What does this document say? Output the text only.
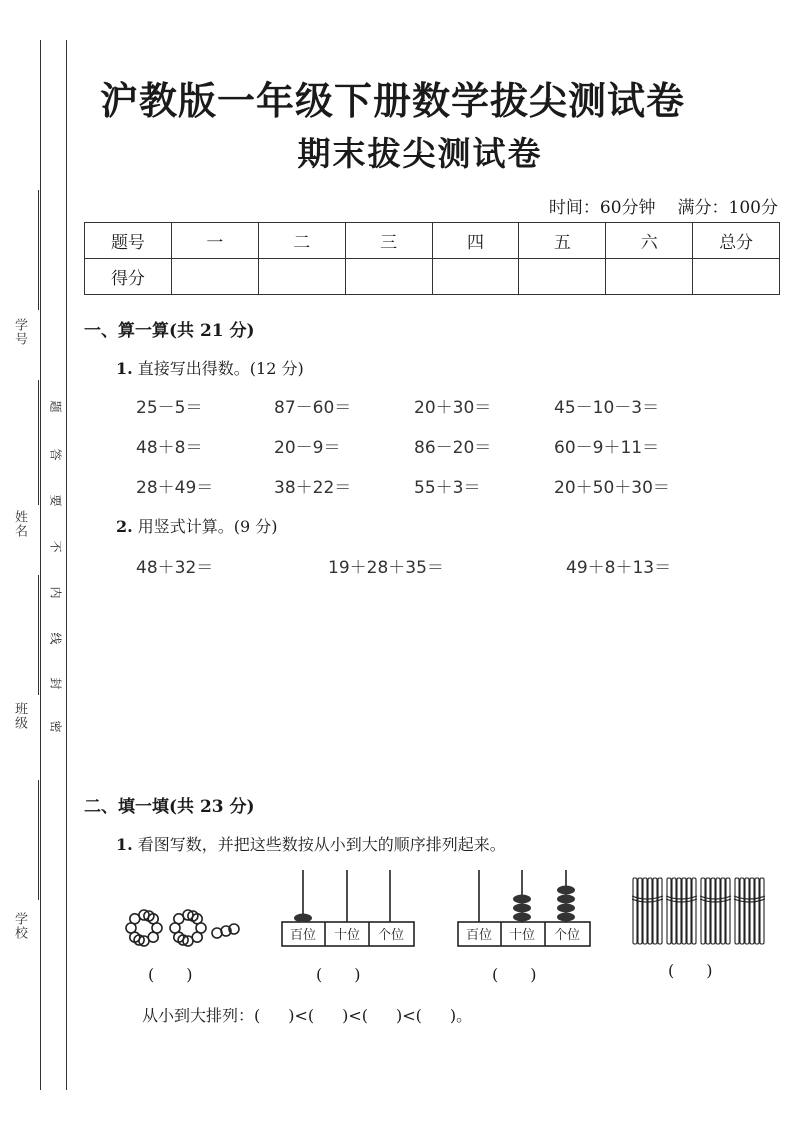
学号
姓名
班级
学校
题
答
要
不
内
线
封
密
沪教版一年级下册数学拔尖测试卷
期末拔尖测试卷
时间：60分钟 满分：100分
题号	一	二	三	四	五	六	总分
得分							
一、算一算(共 21 分)
1. 直接写出得数。(12 分)
25－5＝	87－60＝	20＋30＝	45－10－3＝
48＋8＝	20－9＝	86－20＝	60－9＋11＝
28＋49＝	38＋22＝	55＋3＝	20＋50＋30＝
2. 用竖式计算。(9 分)
48＋32＝	19＋28＋35＝	49＋8＋13＝
二、填一填(共 23 分)
1. 看图写数，并把这些数按从小到大的顺序排列起来。
百位 十位 个位	百位 十位 个位
(　　)	(　　)	(　　)	(　　)
从小到大排列：( )<( )<( )<( )。
